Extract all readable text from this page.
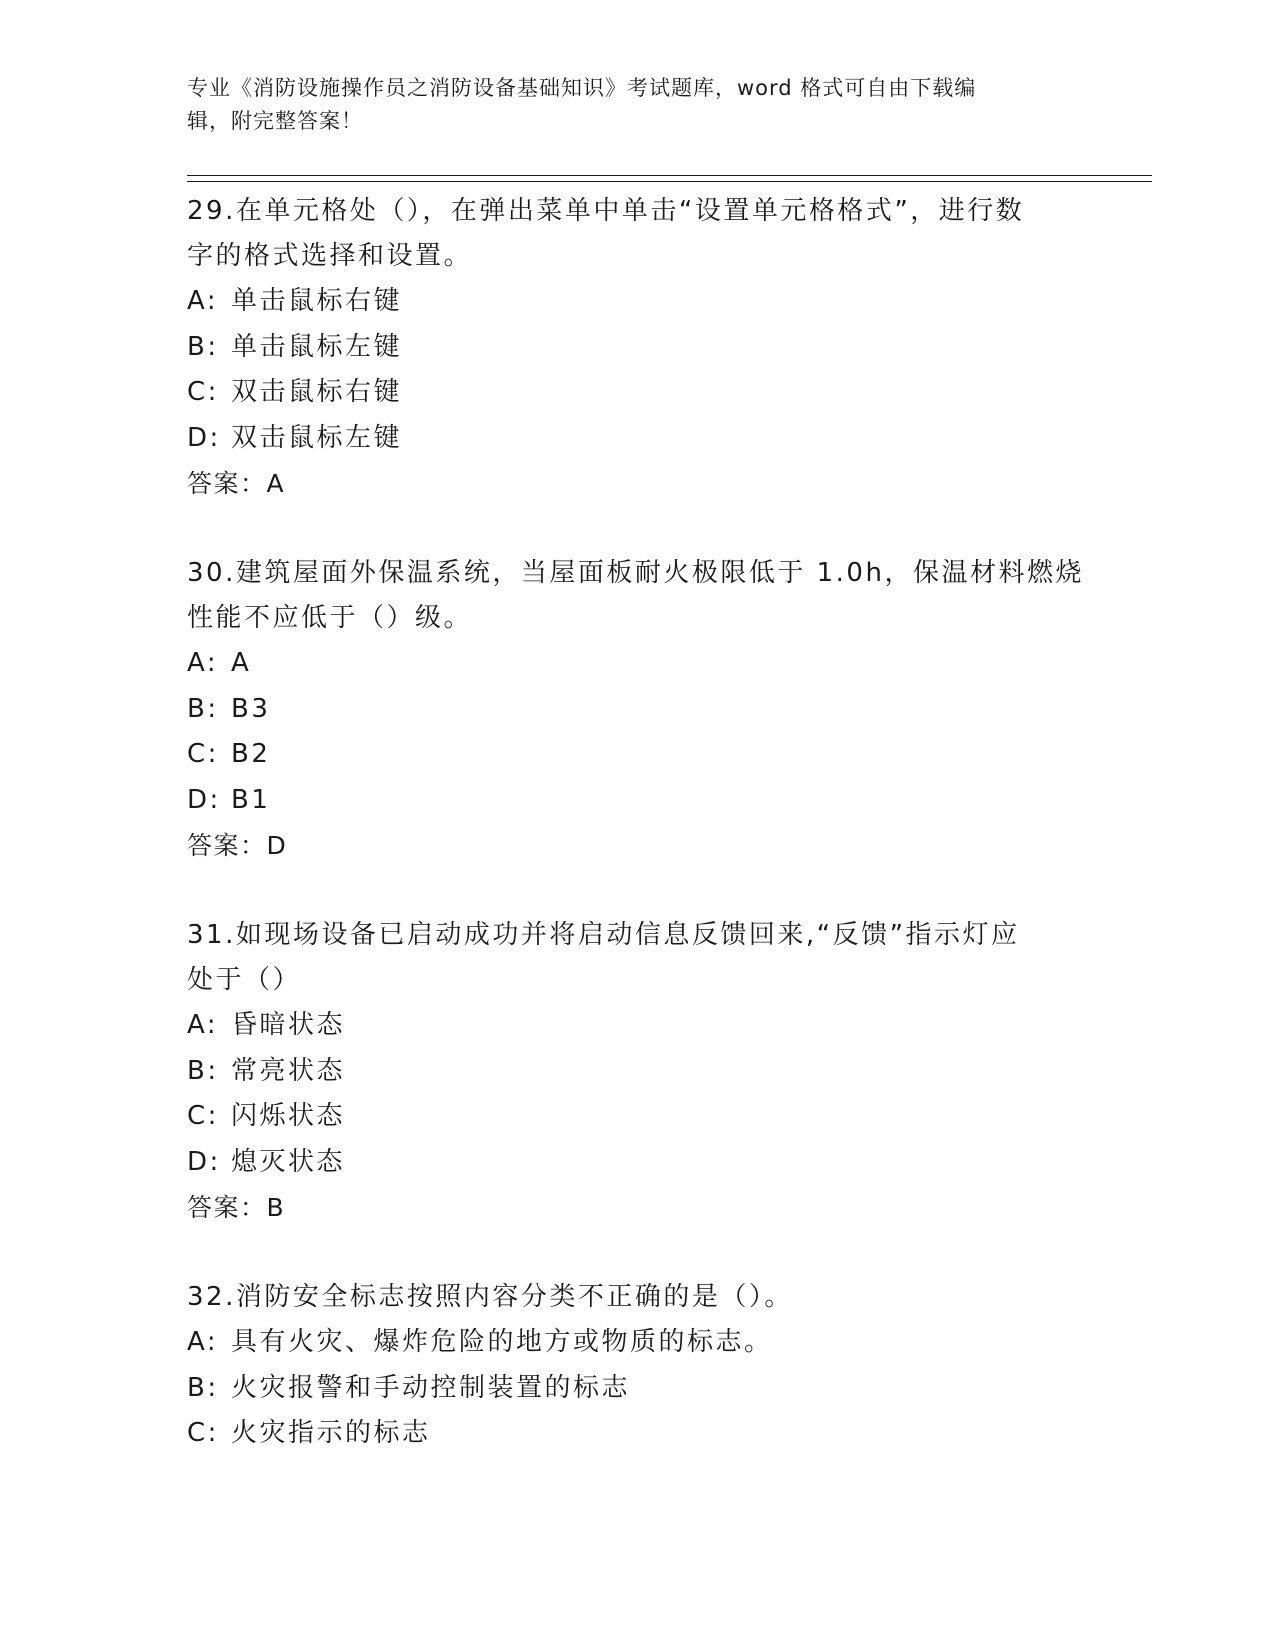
专业《消防设施操作员之消防设备基础知识》考试题库，word 格式可自由下载编
辑，附完整答案！

29.在单元格处（），在弹出菜单中单击“设置单元格格式”，进行数
字的格式选择和设置。

A: 单击鼠标右键

B: 单击鼠标左键

C: 双击鼠标右键

D: 双击鼠标左键

答案：A

30.建筑屋面外保温系统，当屋面板耐火极限低于 1.0h，保温材料燃烧
性能不应低于（）级。

A: A

B: B3

C: B2

D: B1

答案：D

31.如现场设备已启动成功并将启动信息反馈回来,“反馈”指示灯应
处于（）

A: 昏暗状态

B: 常亮状态

C: 闪烁状态

D: 熄灭状态

答案：B

32.消防安全标志按照内容分类不正确的是（）。

A: 具有火灾、爆炸危险的地方或物质的标志。

B: 火灾报警和手动控制装置的标志

C: 火灾指示的标志
